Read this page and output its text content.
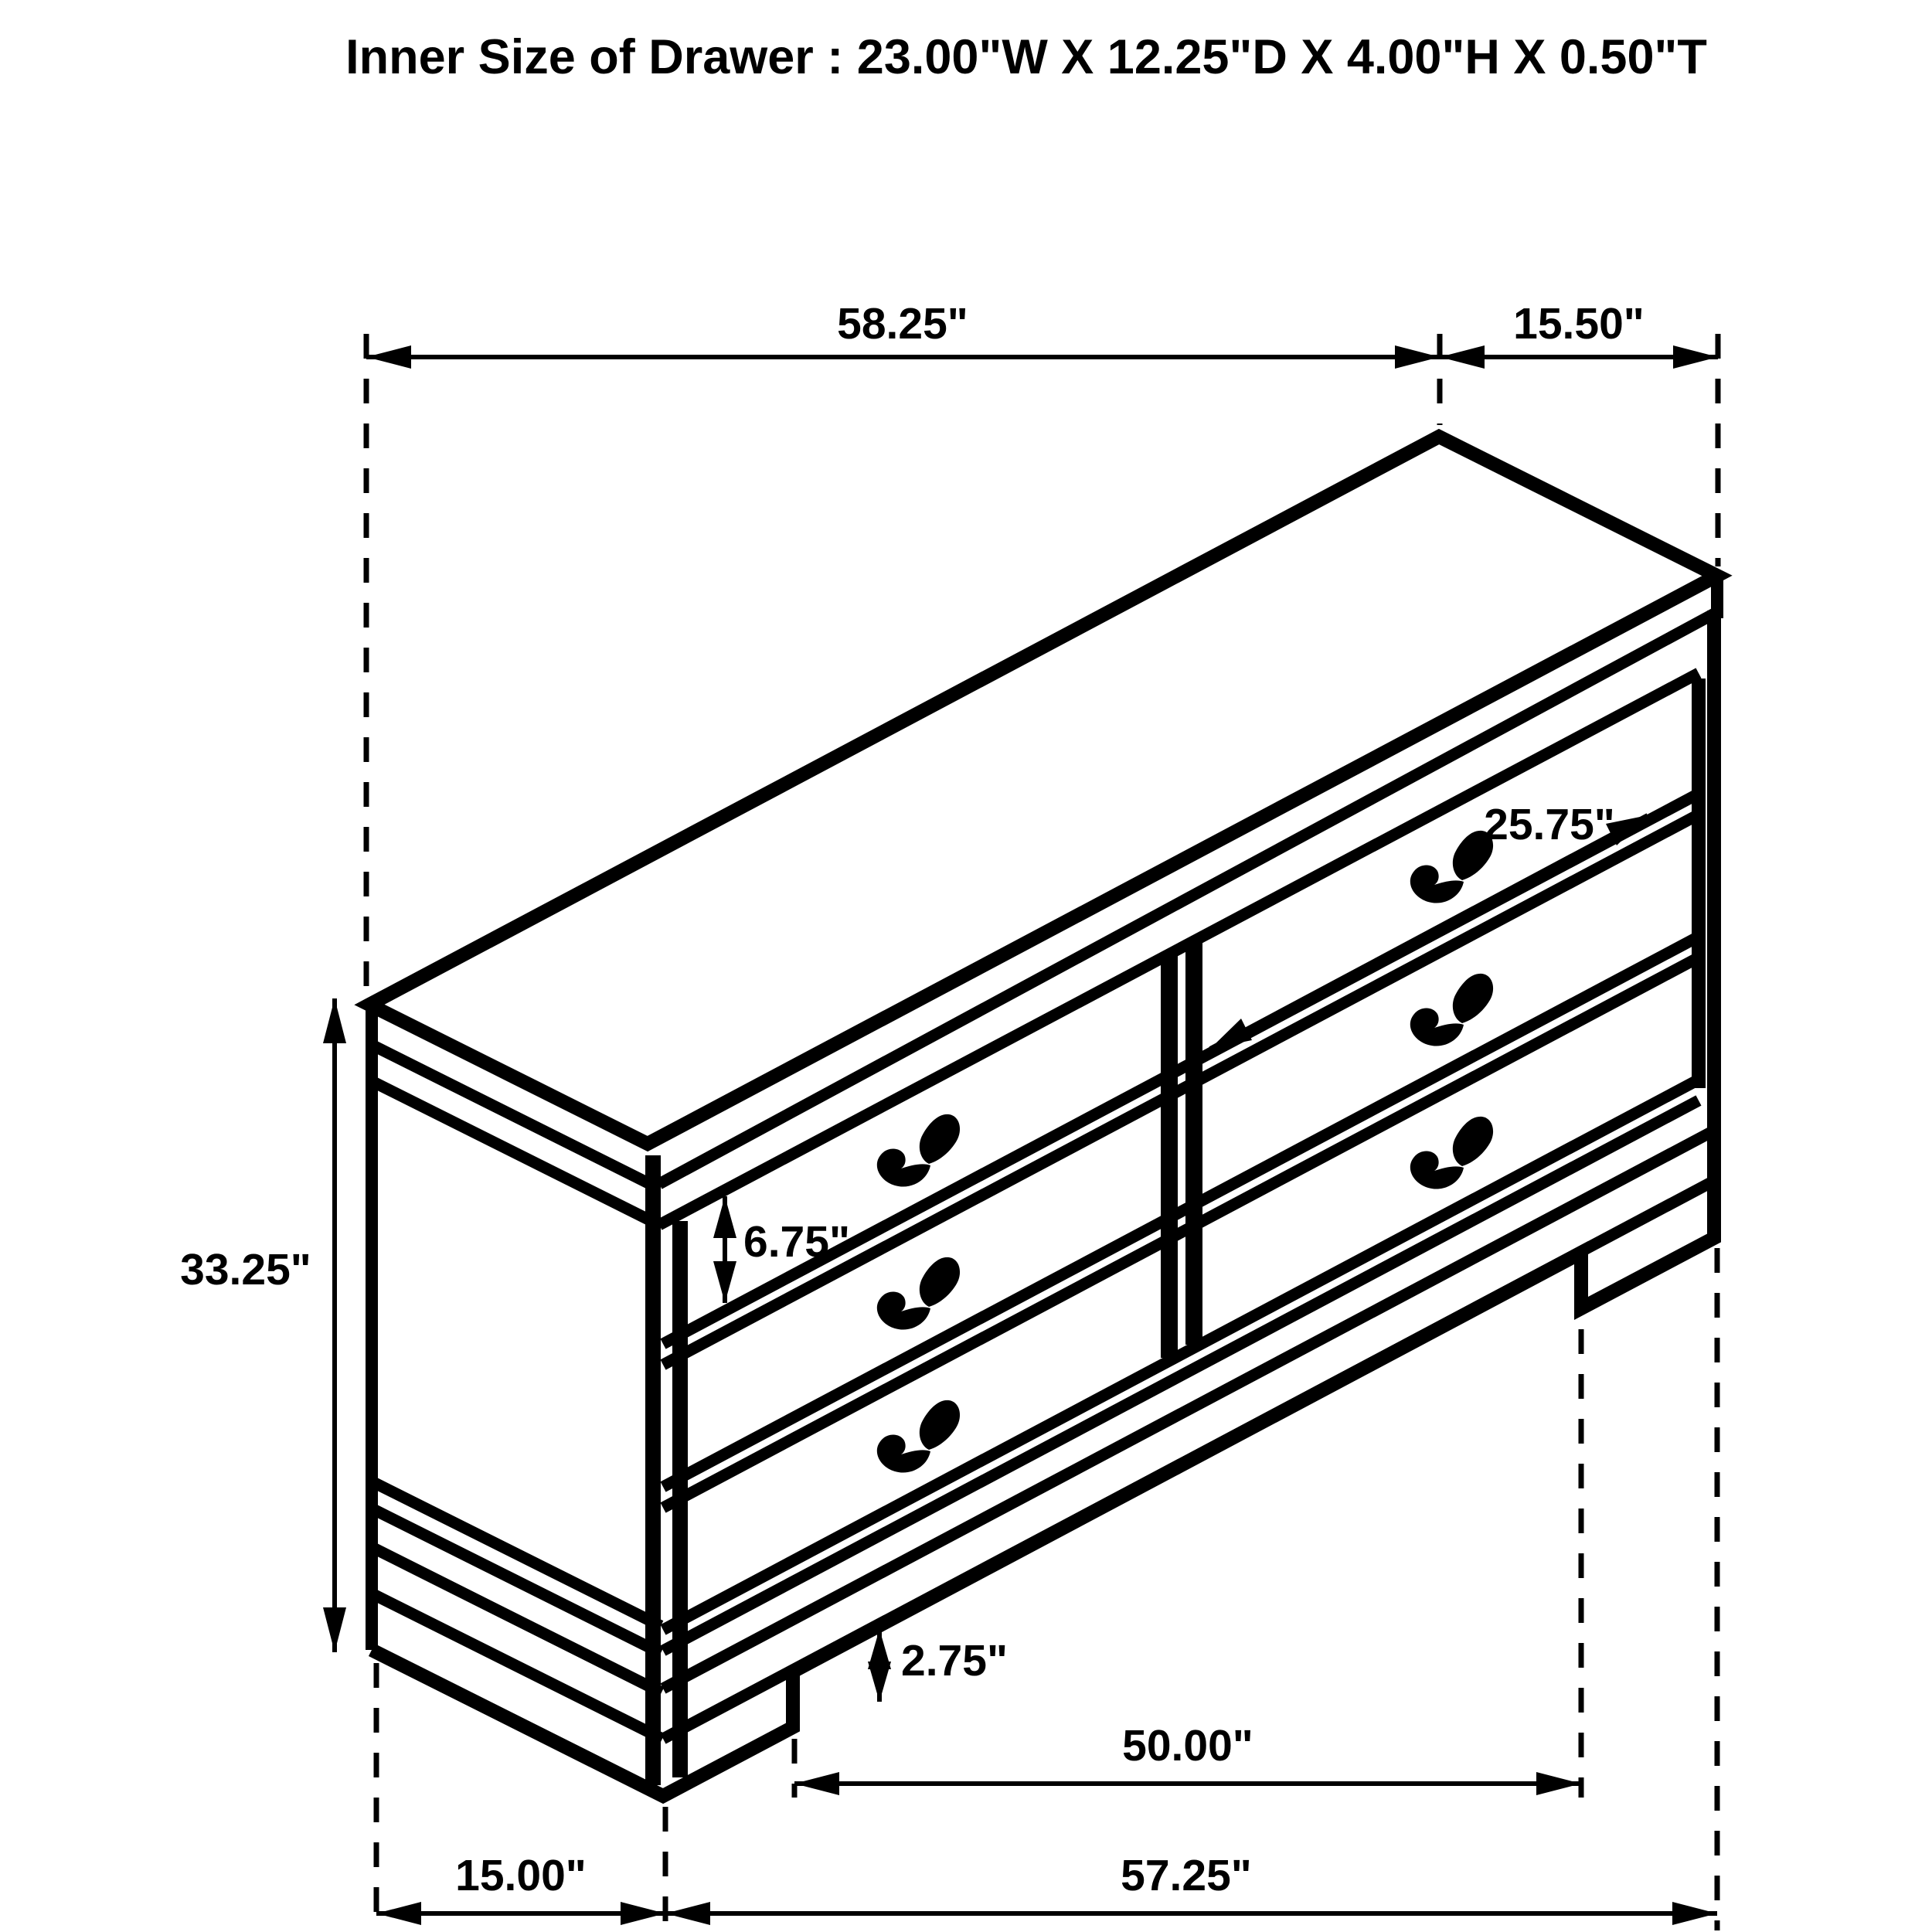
58.25"	15.50"
25.75"
6.75"
33.25"
2.75"
50.00"
15.00"	57.25"
Inner Size of Drawer : 23.00"W X 12.25"D X 4.00"H X 0.50"T
